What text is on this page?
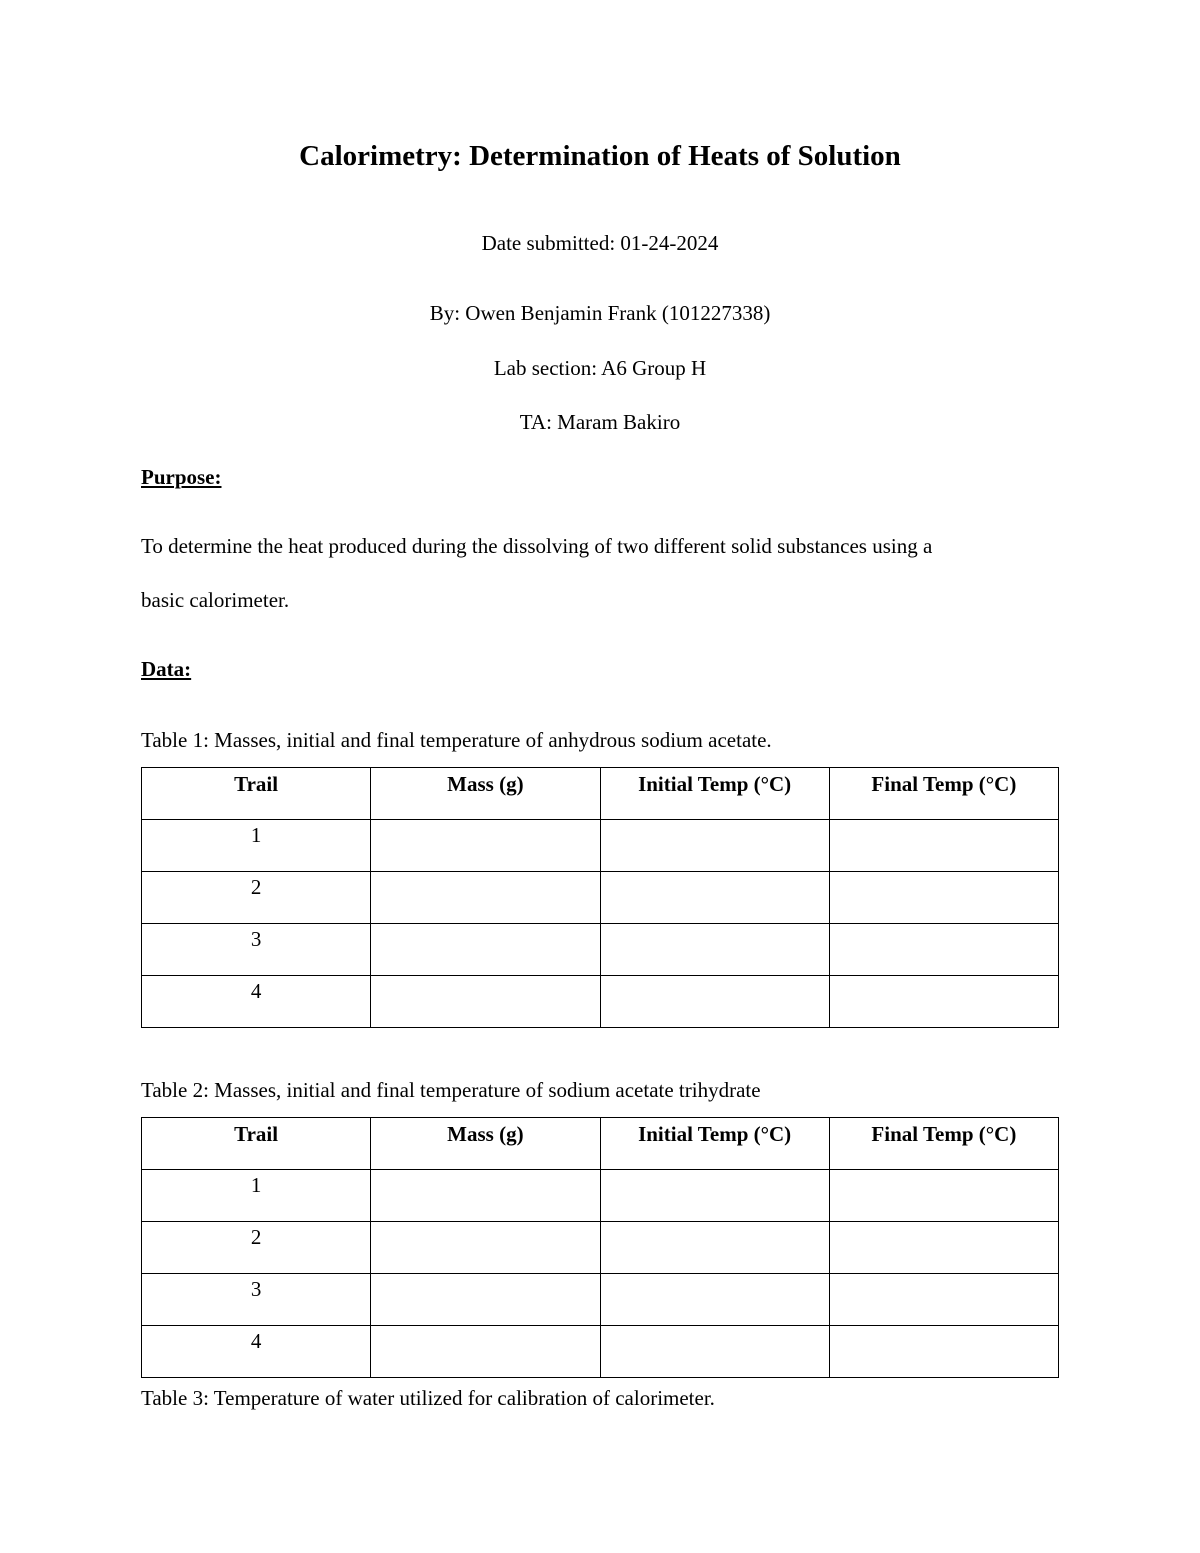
Calorimetry: Determination of Heats of Solution
Date submitted: 01-24-2024
By: Owen Benjamin Frank (101227338)
Lab section: A6 Group H
TA: Maram Bakiro
Purpose:
To determine the heat produced during the dissolving of two different solid substances using a
basic calorimeter.
Data:
Table 1: Masses, initial and final temperature of anhydrous sodium acetate.
Trail	Mass (g)	Initial Temp (°C)	Final Temp (°C)
1			
2			
3			
4			
Table 2: Masses, initial and final temperature of sodium acetate trihydrate
Trail	Mass (g)	Initial Temp (°C)	Final Temp (°C)
1			
2			
3			
4			
Table 3: Temperature of water utilized for calibration of calorimeter.
